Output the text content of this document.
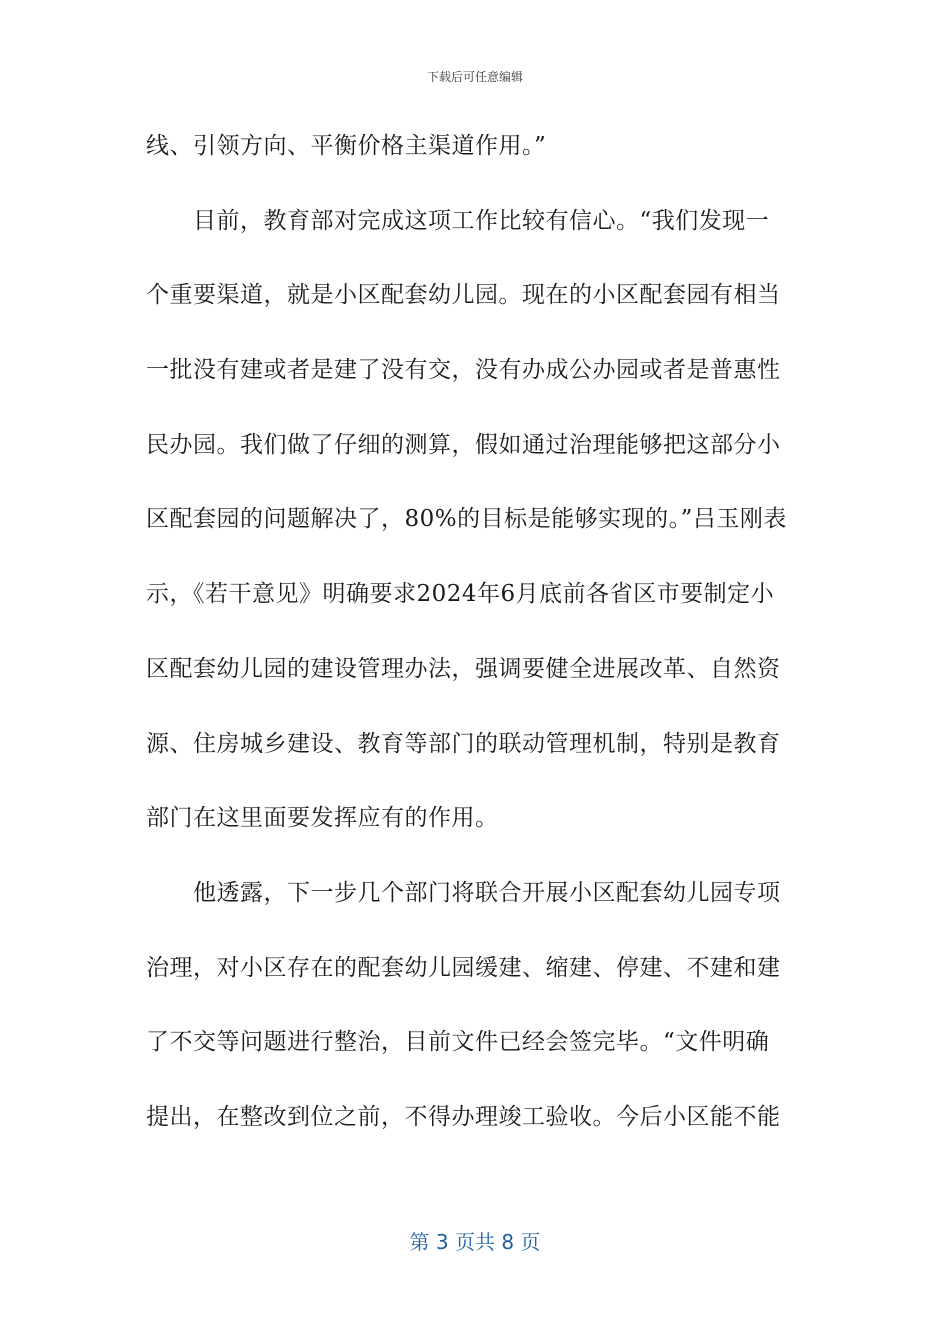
下载后可任意编辑
线、引领方向、平衡价格主渠道作用。”
目前，教育部对完成这项工作比较有信心。“我们发现一
个重要渠道，就是小区配套幼儿园。现在的小区配套园有相当
一批没有建或者是建了没有交，没有办成公办园或者是普惠性
民办园。我们做了仔细的测算，假如通过治理能够把这部分小
区配套园的问题解决了，80%的目标是能够实现的。”吕玉刚表
示，《若干意见》明确要求2024年6月底前各省区市要制定小
区配套幼儿园的建设管理办法，强调要健全进展改革、自然资
源、住房城乡建设、教育等部门的联动管理机制，特别是教育
部门在这里面要发挥应有的作用。
他透露，下一步几个部门将联合开展小区配套幼儿园专项
治理，对小区存在的配套幼儿园缓建、缩建、停建、不建和建
了不交等问题进行整治，目前文件已经会签完毕。“文件明确
提出，在整改到位之前，不得办理竣工验收。今后小区能不能
第 3 页共 8 页
